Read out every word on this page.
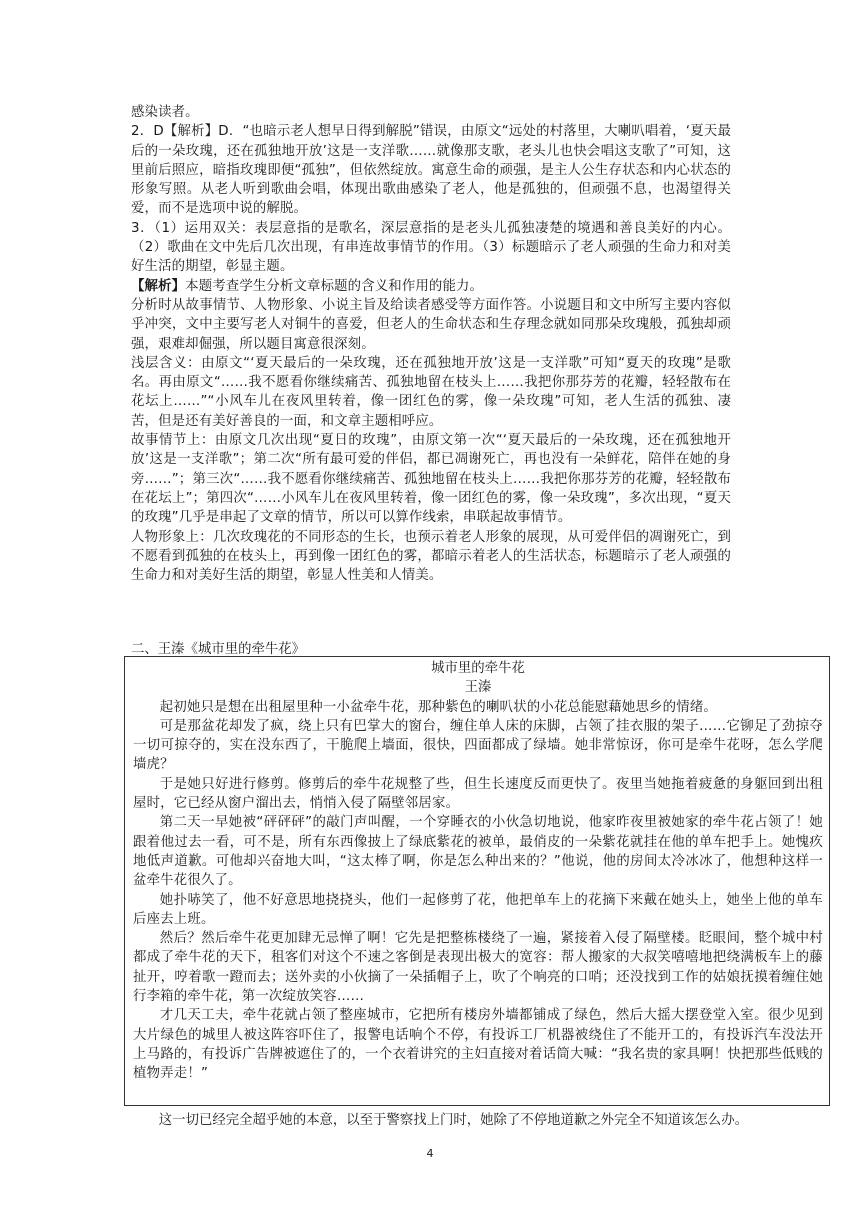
感染读者。

2．D【解析】D．“也暗示老人想早日得到解脱”错误，由原文“远处的村落里，大喇叭唱着，‘夏天最后的一朵玫瑰，还在孤独地开放’这是一支洋歌……就像那支歌，老头儿也快会唱这支歌了”可知，这里前后照应，暗指玫瑰即便“孤独”，但依然绽放。寓意生命的顽强，是主人公生存状态和内心状态的形象写照。从老人听到歌曲会唱，体现出歌曲感染了老人，他是孤独的，但顽强不息，也渴望得关爱，而不是选项中说的解脱。

3．（1）运用双关：表层意指的是歌名，深层意指的是老头儿孤独凄楚的境遇和善良美好的内心。（2）歌曲在文中先后几次出现，有串连故事情节的作用。（3）标题暗示了老人顽强的生命力和对美好生活的期望，彰显主题。

【解析】本题考查学生分析文章标题的含义和作用的能力。

分析时从故事情节、人物形象、小说主旨及给读者感受等方面作答。小说题目和文中所写主要内容似乎冲突，文中主要写老人对铜牛的喜爱，但老人的生命状态和生存理念就如同那朵玫瑰般，孤独却顽强，艰难却倔强，所以题目寓意很深刻。

浅层含义：由原文“‘夏天最后的一朵玫瑰，还在孤独地开放’这是一支洋歌”可知“夏天的玫瑰”是歌名。再由原文“……我不愿看你继续痛苦、孤独地留在枝头上……我把你那芬芳的花瓣，轻轻散布在花坛上……”“小风车儿在夜风里转着，像一团红色的雾，像一朵玫瑰”可知，老人生活的孤独、凄苦，但是还有美好善良的一面，和文章主题相呼应。

故事情节上：由原文几次出现“夏日的玫瑰”，由原文第一次“‘夏天最后的一朵玫瑰，还在孤独地开放’这是一支洋歌”；第二次“所有最可爱的伴侣，都已凋谢死亡，再也没有一朵鲜花，陪伴在她的身旁……”；第三次“……我不愿看你继续痛苦、孤独地留在枝头上……我把你那芬芳的花瓣，轻轻散布在花坛上”；第四次“……小风车儿在夜风里转着，像一团红色的雾，像一朵玫瑰”，多次出现，“夏天的玫瑰”几乎是串起了文章的情节，所以可以算作线索，串联起故事情节。

人物形象上：几次玫瑰花的不同形态的生长，也预示着老人形象的展现，从可爱伴侣的凋谢死亡，到不愿看到孤独的在枝头上，再到像一团红色的雾，都暗示着老人的生活状态，标题暗示了老人顽强的生命力和对美好生活的期望，彰显人性美和人情美。

二、王溱《城市里的牵牛花》

城市里的牵牛花

王溱

起初她只是想在出租屋里种一小盆牵牛花，那种紫色的喇叭状的小花总能慰藉她思乡的情绪。

可是那盆花却发了疯，绕上只有巴掌大的窗台，缠住单人床的床脚，占领了挂衣服的架子……它铆足了劲掠夺一切可掠夺的，实在没东西了，干脆爬上墙面，很快，四面都成了绿墙。她非常惊讶，你可是牵牛花呀，怎么学爬墙虎？

于是她只好进行修剪。修剪后的牵牛花规整了些，但生长速度反而更快了。夜里当她拖着疲惫的身躯回到出租屋时，它已经从窗户溜出去，悄悄入侵了隔壁邻居家。

第二天一早她被“砰砰砰”的敲门声叫醒，一个穿睡衣的小伙急切地说，他家昨夜里被她家的牵牛花占领了！她跟着他过去一看，可不是，所有东西像披上了绿底紫花的被单，最俏皮的一朵紫花就挂在他的单车把手上。她愧疚地低声道歉。可他却兴奋地大叫，“这太棒了啊，你是怎么种出来的？”他说，他的房间太冷冰冰了，他想种这样一盆牵牛花很久了。

她扑哧笑了，他不好意思地挠挠头，他们一起修剪了花，他把单车上的花摘下来戴在她头上，她坐上他的单车后座去上班。

然后？然后牵牛花更加肆无忌惮了啊！它先是把整栋楼绕了一遍，紧接着入侵了隔壁楼。眨眼间，整个城中村都成了牵牛花的天下，租客们对这个不速之客倒是表现出极大的宽容：帮人搬家的大叔笑嘻嘻地把绕满板车上的藤扯开，哼着歌一蹬而去；送外卖的小伙摘了一朵插帽子上，吹了个响亮的口哨；还没找到工作的姑娘抚摸着缠住她行李箱的牵牛花，第一次绽放笑容……

才几天工夫，牵牛花就占领了整座城市，它把所有楼房外墙都铺成了绿色，然后大摇大摆登堂入室。很少见到大片绿色的城里人被这阵容吓住了，报警电话响个不停，有投诉工厂机器被绕住了不能开工的，有投诉汽车没法开上马路的，有投诉广告牌被遮住了的，一个衣着讲究的主妇直接对着话筒大喊：“我名贵的家具啊！快把那些低贱的植物弄走！”

这一切已经完全超乎她的本意，以至于警察找上门时，她除了不停地道歉之外完全不知道该怎么办。

4
